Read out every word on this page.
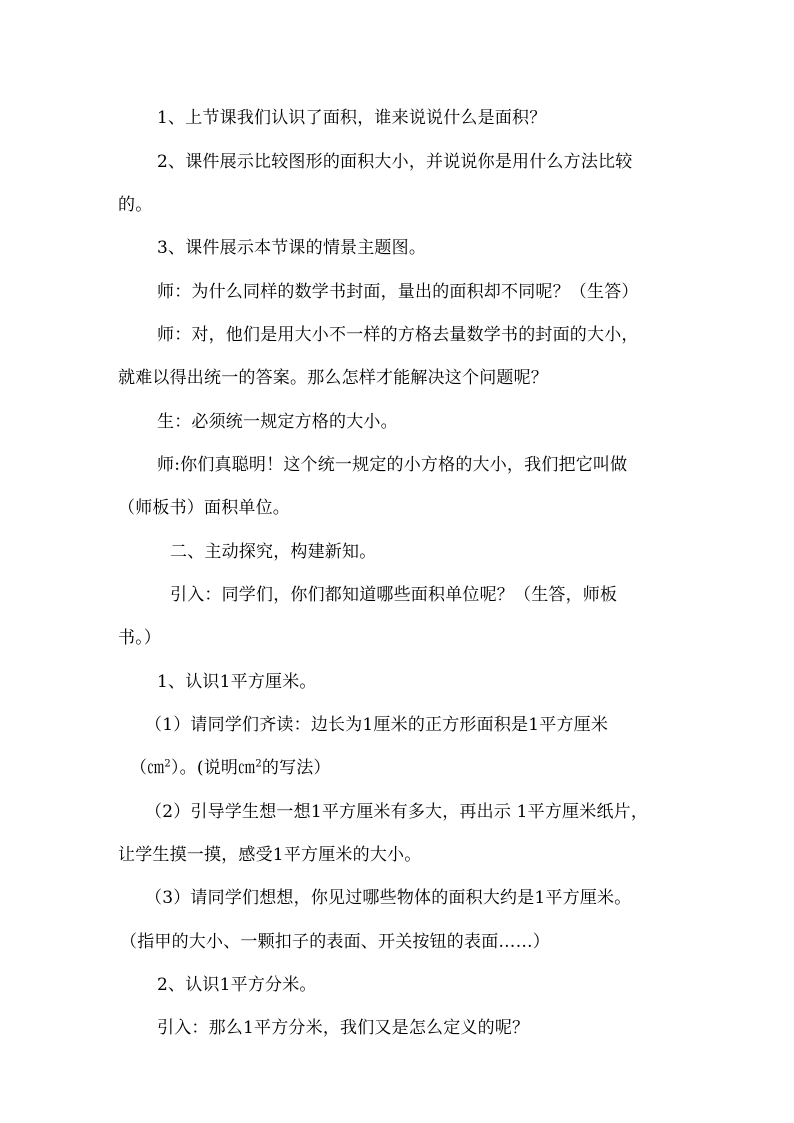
1、上节课我们认识了面积，谁来说说什么是面积？
2、课件展示比较图形的面积大小，并说说你是用什么方法比较
的。
3、课件展示本节课的情景主题图。
师：为什么同样的数学书封面，量出的面积却不同呢？（生答）
师：对，他们是用大小不一样的方格去量数学书的封面的大小，
就难以得出统一的答案。那么怎样才能解决这个问题呢？
生：必须统一规定方格的大小。
师:你们真聪明！这个统一规定的小方格的大小，我们把它叫做
（师板书）面积单位。
二、主动探究，构建新知。
引入：同学们，你们都知道哪些面积单位呢？（生答，师板
书。）
1、认识1平方厘米。
（1）请同学们齐读：边长为1厘米的正方形面积是1平方厘米
（㎝$^2$）。(说明㎝$^2$的写法）
（2）引导学生想一想1平方厘米有多大，再出示 1平方厘米纸片，
让学生摸一摸，感受1平方厘米的大小。
（3）请同学们想想，你见过哪些物体的面积大约是1平方厘米。
（指甲的大小、一颗扣子的表面、开关按钮的表面……）
2、认识1平方分米。
引入：那么1平方分米，我们又是怎么定义的呢？
